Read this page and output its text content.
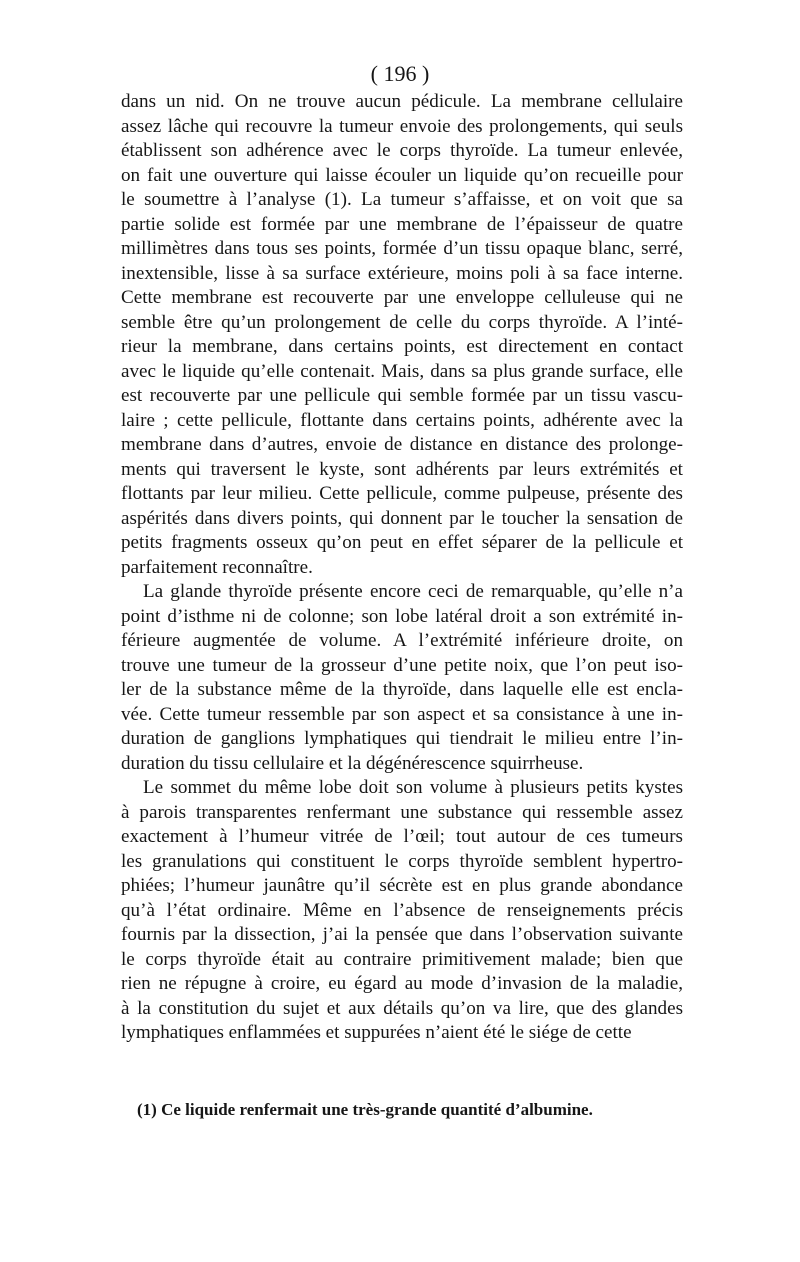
( 196 )
dans un nid. On ne trouve aucun pédicule. La membrane cellulaire
assez lâche qui recouvre la tumeur envoie des prolongements, qui seuls
établissent son adhérence avec le corps thyroïde. La tumeur enlevée,
on fait une ouverture qui laisse écouler un liquide qu’on recueille pour
le soumettre à l’analyse (1). La tumeur s’affaisse, et on voit que sa
partie solide est formée par une membrane de l’épaisseur de quatre
millimètres dans tous ses points, formée d’un tissu opaque blanc, serré,
inextensible, lisse à sa surface extérieure, moins poli à sa face interne.
Cette membrane est recouverte par une enveloppe celluleuse qui ne
semble être qu’un prolongement de celle du corps thyroïde. A l’inté-
rieur la membrane, dans certains points, est directement en contact
avec le liquide qu’elle contenait. Mais, dans sa plus grande surface, elle
est recouverte par une pellicule qui semble formée par un tissu vascu-
laire ; cette pellicule, flottante dans certains points, adhérente avec la
membrane dans d’autres, envoie de distance en distance des prolonge-
ments qui traversent le kyste, sont adhérents par leurs extrémités et
flottants par leur milieu. Cette pellicule, comme pulpeuse, présente des
aspérités dans divers points, qui donnent par le toucher la sensation de
petits fragments osseux qu’on peut en effet séparer de la pellicule et
parfaitement reconnaître.
La glande thyroïde présente encore ceci de remarquable, qu’elle n’a
point d’isthme ni de colonne; son lobe latéral droit a son extrémité in-
férieure augmentée de volume. A l’extrémité inférieure droite, on
trouve une tumeur de la grosseur d’une petite noix, que l’on peut iso-
ler de la substance même de la thyroïde, dans laquelle elle est encla-
vée. Cette tumeur ressemble par son aspect et sa consistance à une in-
duration de ganglions lymphatiques qui tiendrait le milieu entre l’in-
duration du tissu cellulaire et la dégénérescence squirrheuse.
Le sommet du même lobe doit son volume à plusieurs petits kystes
à parois transparentes renfermant une substance qui ressemble assez
exactement à l’humeur vitrée de l’œil; tout autour de ces tumeurs
les granulations qui constituent le corps thyroïde semblent hypertro-
phiées; l’humeur jaunâtre qu’il sécrète est en plus grande abondance
qu’à l’état ordinaire. Même en l’absence de renseignements précis
fournis par la dissection, j’ai la pensée que dans l’observation suivante
le corps thyroïde était au contraire primitivement malade; bien que
rien ne répugne à croire, eu égard au mode d’invasion de la maladie,
à la constitution du sujet et aux détails qu’on va lire, que des glandes
lymphatiques enflammées et suppurées n’aient été le siége de cette
(1) Ce liquide renfermait une très-grande quantité d’albumine.
